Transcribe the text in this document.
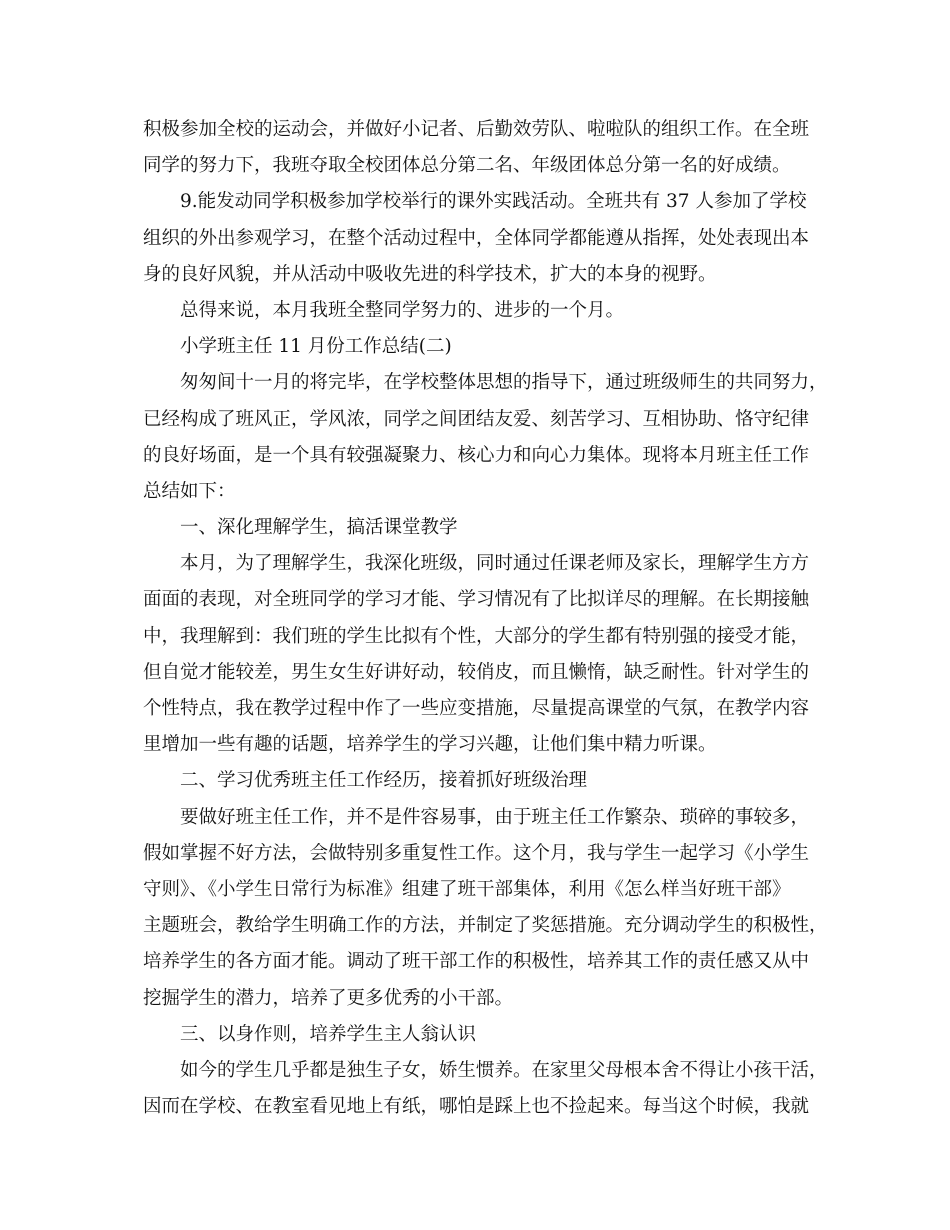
积极参加全校的运动会，并做好小记者、后勤效劳队、啦啦队的组织工作。在全班
同学的努力下，我班夺取全校团体总分第二名、年级团体总分第一名的好成绩。
9.能发动同学积极参加学校举行的课外实践活动。全班共有 37 人参加了学校
组织的外出参观学习，在整个活动过程中，全体同学都能遵从指挥，处处表现出本
身的良好风貌，并从活动中吸收先进的科学技术，扩大的本身的视野。
总得来说，本月我班全整同学努力的、进步的一个月。
小学班主任 11 月份工作总结(二)
匆匆间十一月的将完毕，在学校整体思想的指导下，通过班级师生的共同努力，
已经构成了班风正，学风浓，同学之间团结友爱、刻苦学习、互相协助、恪守纪律
的良好场面，是一个具有较强凝聚力、核心力和向心力集体。现将本月班主任工作
总结如下：
一、深化理解学生，搞活课堂教学
本月，为了理解学生，我深化班级，同时通过任课老师及家长，理解学生方方
面面的表现，对全班同学的学习才能、学习情况有了比拟详尽的理解。在长期接触
中，我理解到：我们班的学生比拟有个性，大部分的学生都有特别强的接受才能，
但自觉才能较差，男生女生好讲好动，较俏皮，而且懒惰，缺乏耐性。针对学生的
个性特点，我在教学过程中作了一些应变措施，尽量提高课堂的气氛，在教学内容
里增加一些有趣的话题，培养学生的学习兴趣，让他们集中精力听课。
二、学习优秀班主任工作经历，接着抓好班级治理
要做好班主任工作，并不是件容易事，由于班主任工作繁杂、琐碎的事较多，
假如掌握不好方法，会做特别多重复性工作。这个月，我与学生一起学习《小学生
守则》、《小学生日常行为标准》组建了班干部集体，利用《怎么样当好班干部》
主题班会，教给学生明确工作的方法，并制定了奖惩措施。充分调动学生的积极性，
培养学生的各方面才能。调动了班干部工作的积极性，培养其工作的责任感又从中
挖掘学生的潜力，培养了更多优秀的小干部。
三、以身作则，培养学生主人翁认识
如今的学生几乎都是独生子女，娇生惯养。在家里父母根本舍不得让小孩干活，
因而在学校、在教室看见地上有纸，哪怕是踩上也不捡起来。每当这个时候，我就
